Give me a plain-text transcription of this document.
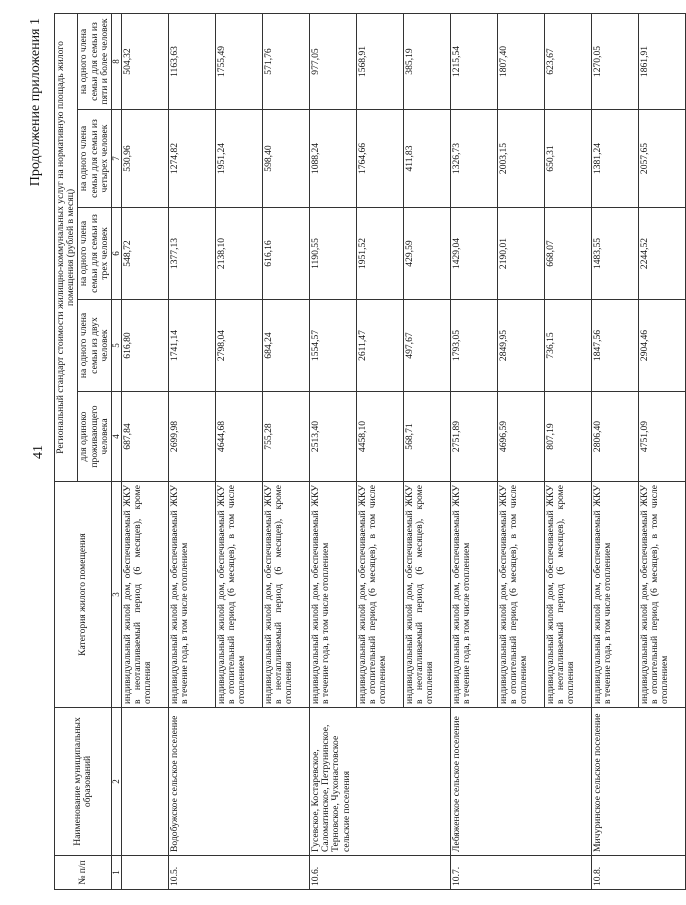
41
Продолжение приложения 1
№ п/п	Наименование муниципальных образований	Категория жилого помещения	Региональный стандарт стоимости жилищно-коммунальных услуг на нормативную площадь жилого помещения (рублей в месяц)				
			для одиноко проживающего человека	на одного члена семьи из двух человек	на одного члена семьи для семьи из трех человек	на одного члена семьи для семьи из четырех человек	на одного члена семьи для семьи из пяти и более человек
1	2	3	4	5	6	7	8
		индивидуальный жилой дом, обеспечиваемый ЖКУ в неотапливаемый период (6 месяцев), кроме отопления	687,84	616,80	548,72	530,96	504,32
10.5.	Водобужское сельское поселение	индивидуальный жилой дом, обеспечиваемый ЖКУ в течение года, в том числе отоплением	2699,98	1741,14	1377,13	1274,82	1163,63
		индивидуальный жилой дом, обеспечиваемый ЖКУ в отопительный период (6 месяцев), в том числе отоплением	4644,68	2798,04	2138,10	1951,24	1755,49
		индивидуальный жилой дом, обеспечиваемый ЖКУ в неотапливаемый период (6 месяцев), кроме отопления	755,28	684,24	616,16	598,40	571,76
10.6.	Гусевское, Костаревское, Саломатинское, Петрунинское, Терновское, Чухонастовское сельские поселения	индивидуальный жилой дом, обеспечиваемый ЖКУ в течение года, в том числе отоплением	2513,40	1554,57	1190,55	1088,24	977,05
		индивидуальный жилой дом, обеспечиваемый ЖКУ в отопительный период (6 месяцев), в том числе отоплением	4458,10	2611,47	1951,52	1764,66	1568,91
		индивидуальный жилой дом, обеспечиваемый ЖКУ в неотапливаемый период (6 месяцев), кроме отопления	568,71	497,67	429,59	411,83	385,19
10.7.	Лебяженское сельское поселение	индивидуальный жилой дом, обеспечиваемый ЖКУ в течение года, в том числе отоплением	2751,89	1793,05	1429,04	1326,73	1215,54
		индивидуальный жилой дом, обеспечиваемый ЖКУ в отопительный период (6 месяцев), в том числе отоплением	4696,59	2849,95	2190,01	2003,15	1807,40
		индивидуальный жилой дом, обеспечиваемый ЖКУ в неотапливаемый период (6 месяцев), кроме отопления	807,19	736,15	668,07	650,31	623,67
10.8.	Мичуринское сельское поселение	индивидуальный жилой дом, обеспечиваемый ЖКУ в течение года, в том числе отоплением	2806,40	1847,56	1483,55	1381,24	1270,05
		индивидуальный жилой дом, обеспечиваемый ЖКУ в отопительный период (6 месяцев), в том числе отоплением	4751,09	2904,46	2244,52	2057,65	1861,91
